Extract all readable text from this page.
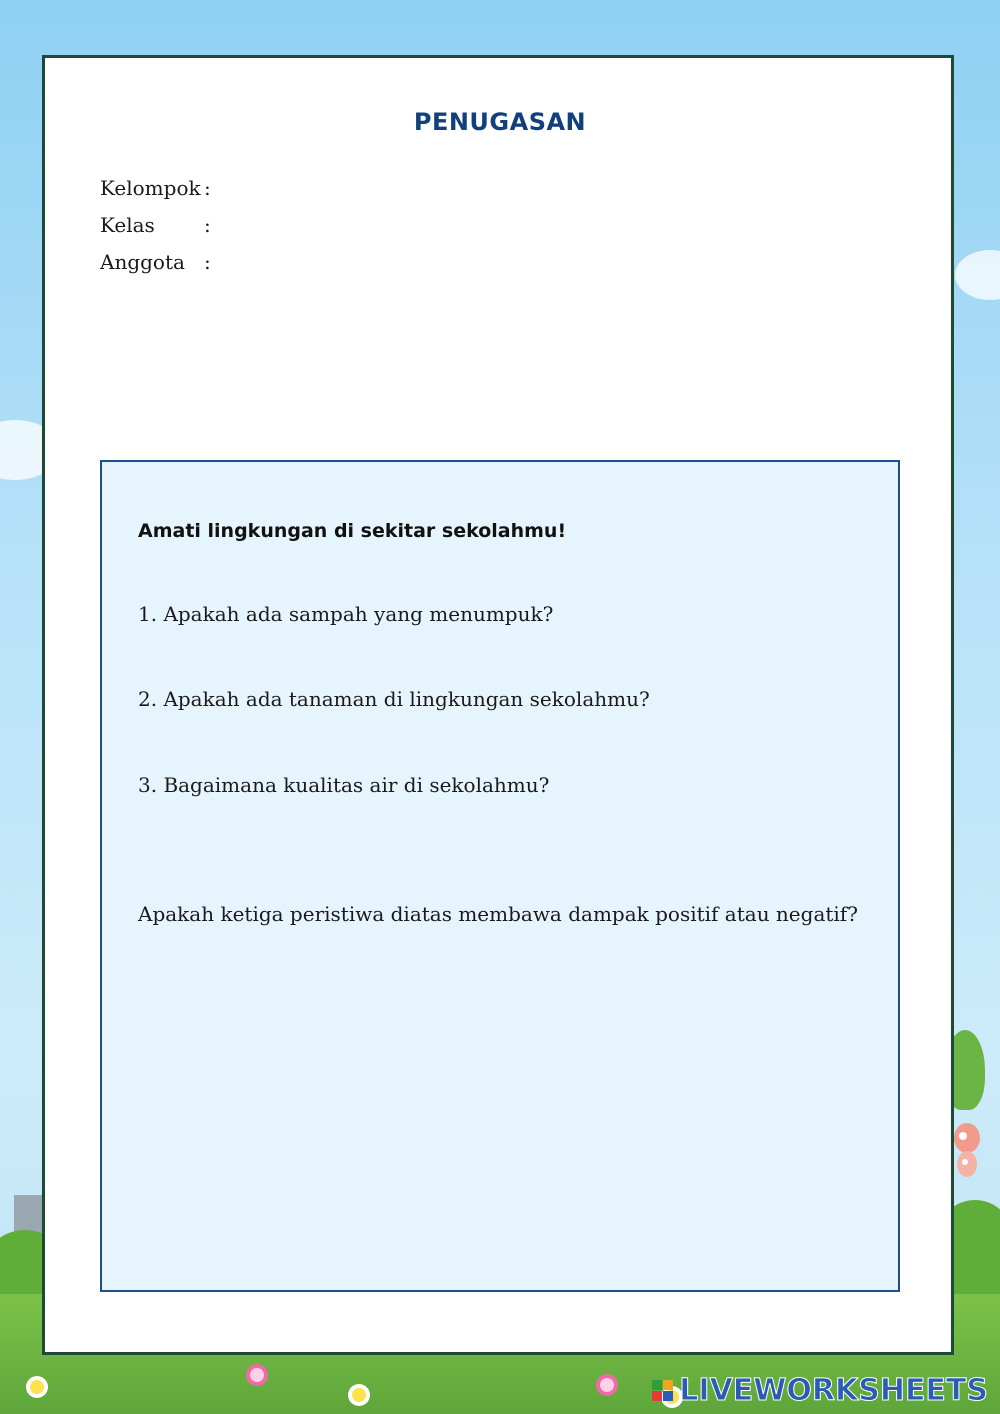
PENUGASAN
Kelompok :
Kelas :
Anggota :
Amati lingkungan di sekitar sekolahmu!
1. Apakah ada sampah yang menumpuk?
2. Apakah ada tanaman di lingkungan sekolahmu?
3. Bagaimana kualitas air di sekolahmu?
Apakah ketiga peristiwa diatas membawa dampak positif atau negatif?
LIVEWORKSHEETS
